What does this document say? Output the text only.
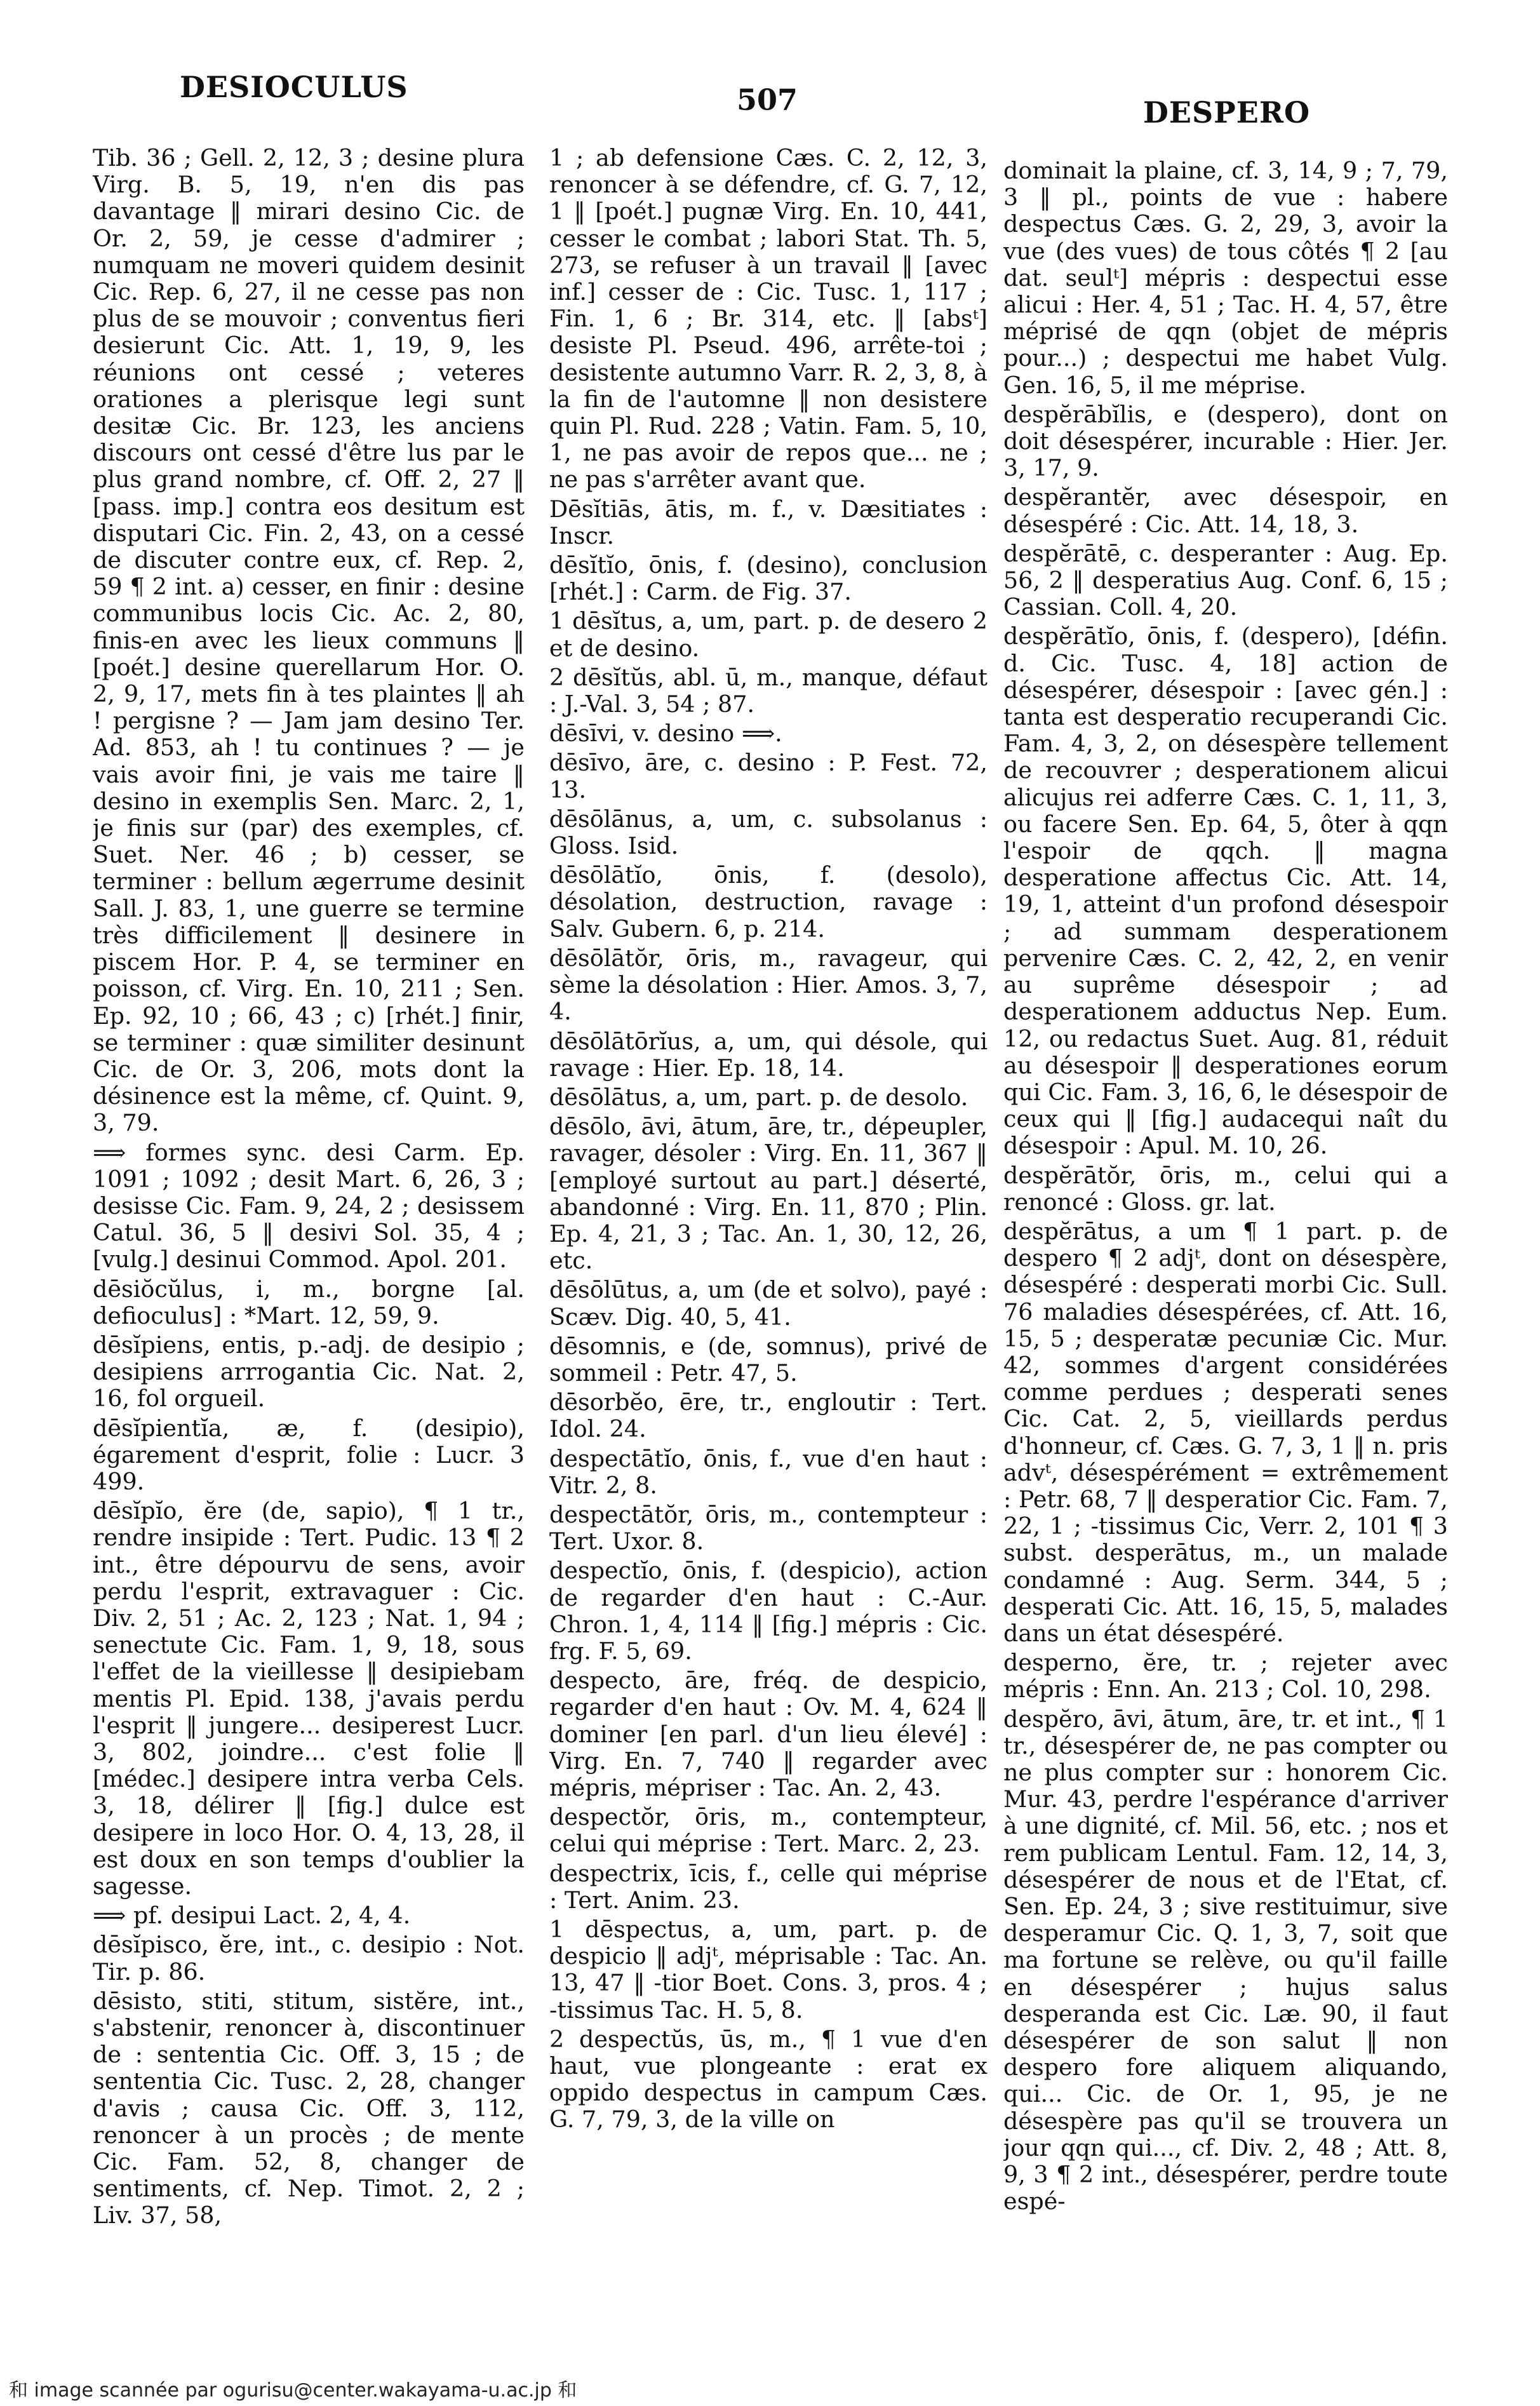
DESIOCULUS	507	DESPERO

Tib. 36 ; Gell. 2, 12, 3 ; desine plura Virg. B. 5, 19, n'en dis pas davantage ‖ mirari desino Cic. de Or. 2, 59, je cesse d'admirer ; numquam ne moveri quidem desinit Cic. Rep. 6, 27, il ne cesse pas non plus de se mouvoir ; conventus fieri desierunt Cic. Att. 1, 19, 9, les réunions ont cessé ; veteres orationes a plerisque legi sunt desitæ Cic. Br. 123, les anciens discours ont cessé d'être lus par le plus grand nombre, cf. Off. 2, 27 ‖ [pass. imp.] contra eos desitum est disputari Cic. Fin. 2, 43, on a cessé de discuter contre eux, cf. Rep. 2, 59 ¶ 2 int. a) cesser, en finir : desine communibus locis Cic. Ac. 2, 80, finis-en avec les lieux communs ‖ [poét.] desine querellarum Hor. O. 2, 9, 17, mets fin à tes plaintes ‖ ah ! pergisne ? — Jam jam desino Ter. Ad. 853, ah ! tu continues ? — je vais avoir fini, je vais me taire ‖ desino in exemplis Sen. Marc. 2, 1, je finis sur (par) des exemples, cf. Suet. Ner. 46 ; b) cesser, se terminer : bellum ægerrume desinit Sall. J. 83, 1, une guerre se termine très difficilement ‖ desinere in piscem Hor. P. 4, se terminer en poisson, cf. Virg. En. 10, 211 ; Sen. Ep. 92, 10 ; 66, 43 ; c) [rhét.] finir, se terminer : quæ similiter desinunt Cic. de Or. 3, 206, mots dont la désinence est la même, cf. Quint. 9, 3, 79.

⟹ formes sync. desi Carm. Ep. 1091 ; 1092 ; desit Mart. 6, 26, 3 ; desisse Cic. Fam. 9, 24, 2 ; desissem Catul. 36, 5 ‖ desivi Sol. 35, 4 ; [vulg.] desinui Commod. Apol. 201.

dēsiŏcŭlus, i, m., borgne [al. defioculus] : *Mart. 12, 59, 9.

dēsĭpiens, entis, p.-adj. de desipio ; desipiens arrrogantia Cic. Nat. 2, 16, fol orgueil.

dēsĭpientĭa, æ, f. (desipio), égarement d'esprit, folie : Lucr. 3 499.

dēsĭpĭo, ĕre (de, sapio), ¶ 1 tr., rendre insipide : Tert. Pudic. 13 ¶ 2 int., être dépourvu de sens, avoir perdu l'esprit, extravaguer : Cic. Div. 2, 51 ; Ac. 2, 123 ; Nat. 1, 94 ; senectute Cic. Fam. 1, 9, 18, sous l'effet de la vieillesse ‖ desipiebam mentis Pl. Epid. 138, j'avais perdu l'esprit ‖ jungere... desiperest Lucr. 3, 802, joindre... c'est folie ‖ [médec.] desipere intra verba Cels. 3, 18, délirer ‖ [fig.] dulce est desipere in loco Hor. O. 4, 13, 28, il est doux en son temps d'oublier la sagesse.

⟹ pf. desipui Lact. 2, 4, 4.

dēsĭpisco, ĕre, int., c. desipio : Not. Tir. p. 86.

dēsisto, stiti, stitum, sistĕre, int., s'abstenir, renoncer à, discontinuer de : sententia Cic. Off. 3, 15 ; de sententia Cic. Tusc. 2, 28, changer d'avis ; causa Cic. Off. 3, 112, renoncer à un procès ; de mente Cic. Fam. 52, 8, changer de sentiments, cf. Nep. Timot. 2, 2 ; Liv. 37, 58,

1 ; ab defensione Cæs. C. 2, 12, 3, renoncer à se défendre, cf. G. 7, 12, 1 ‖ [poét.] pugnæ Virg. En. 10, 441, cesser le combat ; labori Stat. Th. 5, 273, se refuser à un travail ‖ [avec inf.] cesser de : Cic. Tusc. 1, 117 ; Fin. 1, 6 ; Br. 314, etc. ‖ [absᵗ] desiste Pl. Pseud. 496, arrête-toi ; desistente autumno Varr. R. 2, 3, 8, à la fin de l'automne ‖ non desistere quin Pl. Rud. 228 ; Vatin. Fam. 5, 10, 1, ne pas avoir de repos que... ne ; ne pas s'arrêter avant que.

Dēsĭtiās, ātis, m. f., v. Dæsitiates : Inscr.

dēsĭtĭo, ōnis, f. (desino), conclusion [rhét.] : Carm. de Fig. 37.

1 dēsĭtus, a, um, part. p. de desero 2 et de desino.

2 dēsĭtŭs, abl. ū, m., manque, défaut : J.-Val. 3, 54 ; 87.

dēsīvi, v. desino ⟹.

dēsīvo, āre, c. desino : P. Fest. 72, 13.

dēsōlānus, a, um, c. subsolanus : Gloss. Isid.

dēsōlātĭo, ōnis, f. (desolo), désolation, destruction, ravage : Salv. Gubern. 6, p. 214.

dēsōlātŏr, ōris, m., ravageur, qui sème la désolation : Hier. Amos. 3, 7, 4.

dēsōlātōrĭus, a, um, qui désole, qui ravage : Hier. Ep. 18, 14.

dēsōlātus, a, um, part. p. de desolo.

dēsōlo, āvi, ātum, āre, tr., dépeupler, ravager, désoler : Virg. En. 11, 367 ‖ [employé surtout au part.] déserté, abandonné : Virg. En. 11, 870 ; Plin. Ep. 4, 21, 3 ; Tac. An. 1, 30, 12, 26, etc.

dēsōlūtus, a, um (de et solvo), payé : Scæv. Dig. 40, 5, 41.

dēsomnis, e (de, somnus), privé de sommeil : Petr. 47, 5.

dēsorbĕo, ēre, tr., engloutir : Tert. Idol. 24.

despectātĭo, ōnis, f., vue d'en haut : Vitr. 2, 8.

despectātŏr, ōris, m., contempteur : Tert. Uxor. 8.

despectĭo, ōnis, f. (despicio), action de regarder d'en haut : C.-Aur. Chron. 1, 4, 114 ‖ [fig.] mépris : Cic. frg. F. 5, 69.

despecto, āre, fréq. de despicio, regarder d'en haut : Ov. M. 4, 624 ‖ dominer [en parl. d'un lieu élevé] : Virg. En. 7, 740 ‖ regarder avec mépris, mépriser : Tac. An. 2, 43.

despectŏr, ōris, m., contempteur, celui qui méprise : Tert. Marc. 2, 23.

despectrix, īcis, f., celle qui méprise : Tert. Anim. 23.

1 dēspectus, a, um, part. p. de despicio ‖ adjᵗ, méprisable : Tac. An. 13, 47 ‖ -tior Boet. Cons. 3, pros. 4 ; -tissimus Tac. H. 5, 8.

2 despectŭs, ūs, m., ¶ 1 vue d'en haut, vue plongeante : erat ex oppido despectus in campum Cæs. G. 7, 79, 3, de la ville on

dominait la plaine, cf. 3, 14, 9 ; 7, 79, 3 ‖ pl., points de vue : habere despectus Cæs. G. 2, 29, 3, avoir la vue (des vues) de tous côtés ¶ 2 [au dat. seulᵗ] mépris : despectui esse alicui : Her. 4, 51 ; Tac. H. 4, 57, être méprisé de qqn (objet de mépris pour...) ; despectui me habet Vulg. Gen. 16, 5, il me méprise.

despĕrābĭlis, e (despero), dont on doit désespérer, incurable : Hier. Jer. 3, 17, 9.

despĕrantĕr, avec désespoir, en désespéré : Cic. Att. 14, 18, 3.

despĕrātē, c. desperanter : Aug. Ep. 56, 2 ‖ desperatius Aug. Conf. 6, 15 ; Cassian. Coll. 4, 20.

despĕrātĭo, ōnis, f. (despero), [défin. d. Cic. Tusc. 4, 18] action de désespérer, désespoir : [avec gén.] : tanta est desperatio recuperandi Cic. Fam. 4, 3, 2, on désespère tellement de recouvrer ; desperationem alicui alicujus rei adferre Cæs. C. 1, 11, 3, ou facere Sen. Ep. 64, 5, ôter à qqn l'espoir de qqch. ‖ magna desperatione affectus Cic. Att. 14, 19, 1, atteint d'un profond désespoir ; ad summam desperationem pervenire Cæs. C. 2, 42, 2, en venir au suprême désespoir ; ad desperationem adductus Nep. Eum. 12, ou redactus Suet. Aug. 81, réduit au désespoir ‖ desperationes eorum qui Cic. Fam. 3, 16, 6, le désespoir de ceux qui ‖ [fig.] audacequi naît du désespoir : Apul. M. 10, 26.

despĕrātŏr, ōris, m., celui qui a renoncé : Gloss. gr. lat.

despĕrātus, a um ¶ 1 part. p. de despero ¶ 2 adjᵗ, dont on désespère, désespéré : desperati morbi Cic. Sull. 76 maladies désespérées, cf. Att. 16, 15, 5 ; desperatæ pecuniæ Cic. Mur. 42, sommes d'argent considérées comme perdues ; desperati senes Cic. Cat. 2, 5, vieillards perdus d'honneur, cf. Cæs. G. 7, 3, 1 ‖ n. pris advᵗ, désespérément = extrêmement : Petr. 68, 7 ‖ desperatior Cic. Fam. 7, 22, 1 ; -tissimus Cic, Verr. 2, 101 ¶ 3 subst. desperātus, m., un malade condamné : Aug. Serm. 344, 5 ; desperati Cic. Att. 16, 15, 5, malades dans un état désespéré.

desperno, ĕre, tr. ; rejeter avec mépris : Enn. An. 213 ; Col. 10, 298.

despĕro, āvi, ātum, āre, tr. et int., ¶ 1 tr., désespérer de, ne pas compter ou ne plus compter sur : honorem Cic. Mur. 43, perdre l'espérance d'arriver à une dignité, cf. Mil. 56, etc. ; nos et rem publicam Lentul. Fam. 12, 14, 3, désespérer de nous et de l'Etat, cf. Sen. Ep. 24, 3 ; sive restituimur, sive desperamur Cic. Q. 1, 3, 7, soit que ma fortune se relève, ou qu'il faille en désespérer ; hujus salus desperanda est Cic. Læ. 90, il faut désespérer de son salut ‖ non despero fore aliquem aliquando, qui... Cic. de Or. 1, 95, je ne désespère pas qu'il se trouvera un jour qqn qui..., cf. Div. 2, 48 ; Att. 8, 9, 3 ¶ 2 int., désespérer, perdre toute espé-

和 image scannée par ogurisu@center.wakayama-u.ac.jp 和
